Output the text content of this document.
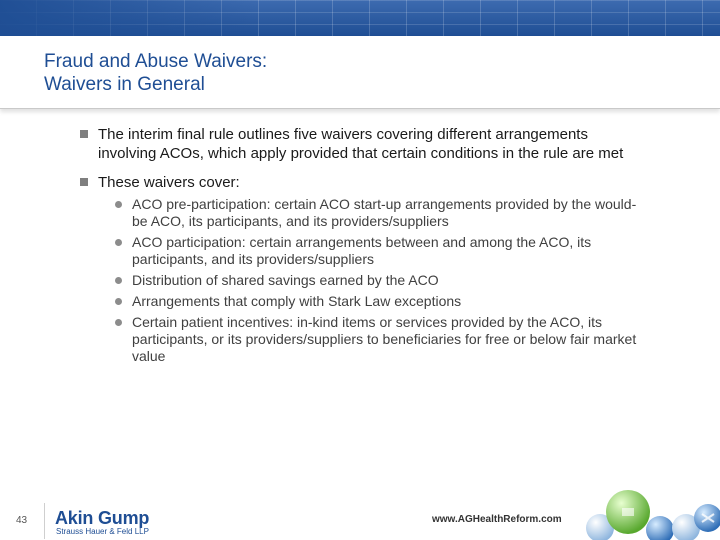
Fraud and Abuse Waivers:
Waivers in General
The interim final rule outlines five waivers covering different arrangements involving ACOs, which apply provided that certain conditions in the rule are met
These waivers cover:
ACO pre-participation: certain ACO start-up arrangements provided by the would-be ACO, its participants, and its providers/suppliers
ACO participation: certain arrangements between and among the ACO, its participants, and its providers/suppliers
Distribution of shared savings earned by the ACO
Arrangements that comply with Stark Law exceptions
Certain patient incentives: in-kind items or services provided by the ACO, its participants, or its providers/suppliers to beneficiaries for free or below fair market value
43 Akin Gump
Strauss Hauer & Feld LLP
www.AGHealthReform.com
